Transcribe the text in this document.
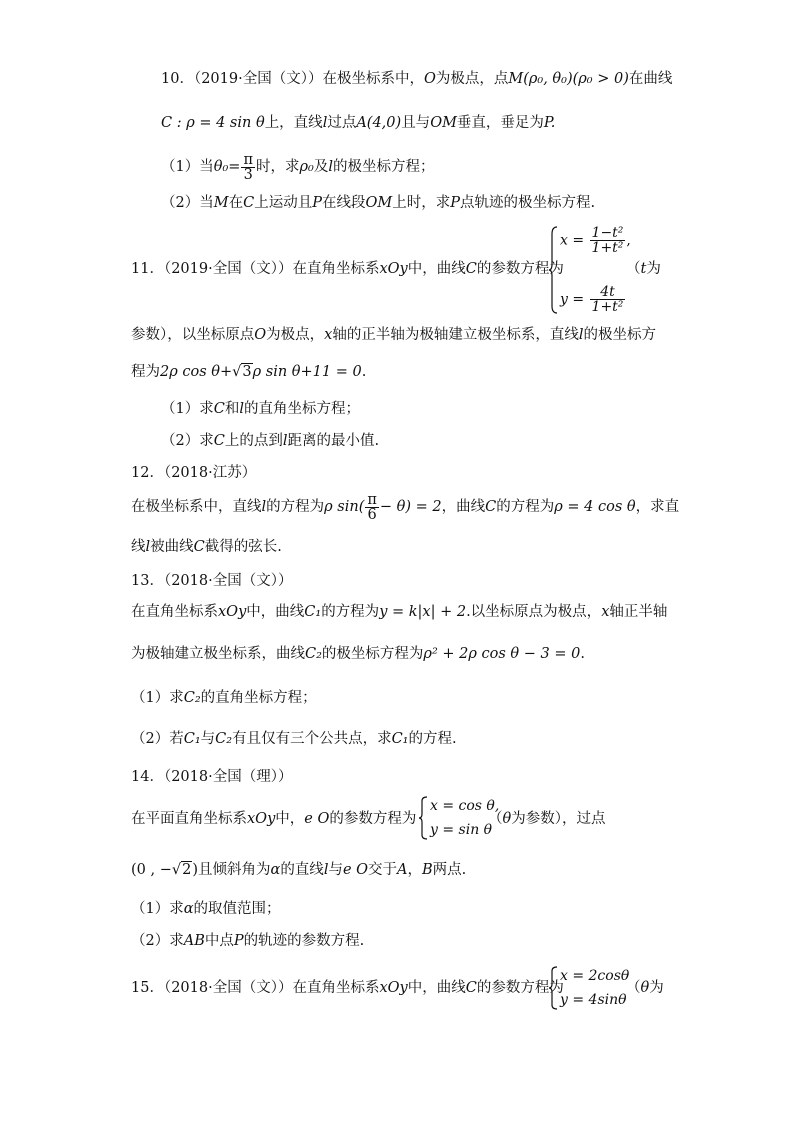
10．（2019·全国（文））在极坐标系中，O为极点，点M(ρ₀, θ₀)(ρ₀ > 0)在曲线
C : ρ = 4 sin θ上，直线l过点A(4,0)且与OM垂直，垂足为P.
（1）当$\theta_0= \frac{\pi}{3}$ 时，求ρ₀及l的极坐标方程；
（2）当M在C上运动且P在线段OM上时，求P点轨迹的极坐标方程.
11．（2019·全国（文））在直角坐标系xOy中，曲线C的参数方程为
$x = \frac{\text{1−t²}}{\text{1+t²}}$ ,
$y = \frac{4t}{\text{1+t²}}$
（t为
参数），以坐标原点O为极点，x轴的正半轴为极轴建立极坐标系，直线l的极坐标方
程为2ρ cos θ+√3ρ sin θ+11 = 0.
（1）求C和l的直角坐标方程；
（2）求C上的点到l距离的最小值.
12．（2018·江苏）
在极坐标系中，直线l的方程为ρ $\sin( \frac{\pi}{6} - \theta) = 2$，曲线C的方程为ρ = 4 cos θ，求直
线l被曲线C截得的弦长.
13．（2018·全国（文））
在直角坐标系xOy中，曲线C₁的方程为y = k|x| + 2.以坐标原点为极点，x轴正半轴
为极轴建立极坐标系，曲线C₂的极坐标方程为ρ² + 2ρ cos θ − 3 = 0.
（1）求C₂的直角坐标方程；
（2）若C₁与C₂有且仅有三个公共点，求C₁的方程.
14．（2018·全国（理））
在平面直角坐标系xOy中，e O的参数方程为
x = cos θ,
y = sin θ
（θ为参数），过点
(0 , −√2)且倾斜角为α的直线l与e O交于A，B两点.
（1）求α的取值范围；
（2）求AB中点P的轨迹的参数方程.
15．（2018·全国（文））在直角坐标系xOy中，曲线C的参数方程为
x = 2cosθ
y = 4sinθ
（θ为
